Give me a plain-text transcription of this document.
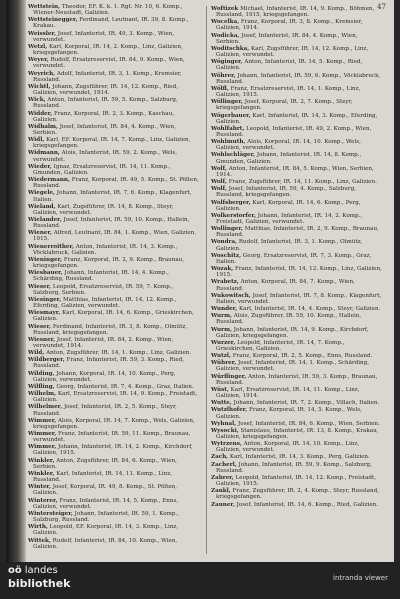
47
Wettstein, Theodor, EF. K. k. 1. Rgt. Nr. 10, 6. Komp., Wiener-Neustadt, Galizien.
Wettsteinegger, Ferdinand, Leutnant, IR. 39, 8. Komp., Krakau.
Weissler, Josef, Infanterist, IR. 49, 3. Komp., Wien, verwundet.
Wetzl, Karl, Korporal, IR. 14, 2. Komp., Linz, Galizien, kriegsgefangen.
Weyer, Rudolf, Ersatzreservist, IR. 84, 9. Komp., Wien, verwundet.
Weyrich, Adolf, Infanterist, IR. 3, 1. Komp., Kremsier, Russland.
Wichtl, Johann, Zugsführer, IR. 14, 12. Komp., Ried, Galizien, verwundet, 1914.
Wick, Anton, Infanterist, IR. 59, 5. Komp., Salzburg, Russland.
Widder, Franz, Korporal, IR. 2, 3. Komp., Kaschau, Galizien.
Widhalm, Josef, Infanterist, IR. 84, 4. Komp., Wien, Serbien.
Widl, Karl, EF. Korporal, IR. 14, 7. Komp., Linz, Galizien, kriegsgefangen.
Widmann, Alois, Infanterist, IR. 59, 2. Komp., Wels, verwundet.
Wieder, Ignaz, Ersatzreservist, IR. 14, 11. Komp., Gmunden, Galizien.
Wiedermann, Franz, Korporal, IR. 49, 5. Komp., St. Pölten, Russland.
Wiegele, Johann, Infanterist, IR. 7, 6. Komp., Klagenfurt, Italien.
Wieland, Karl, Zugsführer, IR. 14, 8. Komp., Steyr, Galizien, verwundet.
Wielander, Josef, Infanterist, IR. 59, 10. Komp., Hallein, Russland.
Wiener, Alfred, Leutnant, IR. 84, 1. Komp., Wien, Galizien, 1915.
Wienerroither, Anton, Infanterist, IR. 14, 3. Komp., Vöcklabruck, Galizien.
Wieninger, Franz, Korporal, IR. 2, 9. Komp., Braunau, kriegsgefangen.
Wiesbauer, Johann, Infanterist, IR. 14, 4. Komp., Schärding, Russland.
Wieser, Leopold, Ersatzreservist, IR. 59, 7. Komp., Salzburg, Serbien.
Wiesinger, Matthias, Infanterist, IR. 14, 12. Komp., Eferding, Galizien, verwundet.
Wiesmayr, Karl, Korporal, IR. 14, 6. Komp., Grieskirchen, Galizien.
Wieser, Ferdinand, Infanterist, IR. 3, 8. Komp., Olmütz, Russland, kriegsgefangen.
Wiesner, Josef, Infanterist, IR. 84, 2. Komp., Wien, verwundet, 1914.
Wild, Anton, Zugsführer, IR. 14, 1. Komp., Linz, Galizien.
Wildberger, Franz, Infanterist, IR. 59, 3. Komp., Ried, Russland.
Wilding, Johann, Korporal, IR. 14, 10. Komp., Perg, Galizien, verwundet.
Wilfling, Georg, Infanterist, IR. 7, 4. Komp., Graz, Italien.
Wilhelm, Karl, Ersatzreservist, IR. 14, 9. Komp., Freistadt, Galizien.
Wilhelmer, Josef, Infanterist, IR. 2, 5. Komp., Steyr, Russland.
Wimmer, Alois, Korporal, IR. 14, 7. Komp., Wels, Galizien, kriegsgefangen.
Wimmer, Franz, Infanterist, IR. 59, 11. Komp., Braunau, verwundet.
Wimmer, Johann, Infanterist, IR. 14, 2. Komp., Kirchdorf, Galizien, 1915.
Winkler, Anton, Zugsführer, IR. 84, 6. Komp., Wien, Serbien.
Winkler, Karl, Infanterist, IR. 14, 11. Komp., Linz, Russland.
Winter, Josef, Korporal, IR. 49, 8. Komp., St. Pölten, Galizien.
Winterer, Franz, Infanterist, IR. 14, 5. Komp., Enns, Galizien, verwundet.
Wintersteiger, Johann, Infanterist, IR. 59, 1. Komp., Salzburg, Russland.
Wirth, Leopold, EF. Korporal, IR. 14, 3. Komp., Linz, Galizien.
Wittek, Rudolf, Infanterist, IR. 84, 10. Komp., Wien, Galizien.
Woftizek Michael, Infanterist, IR. 14, 9. Komp., Böhmen, Russland, 1915, kriegsgefangen.
Wocelka, Franz, Korporal, IR. 3, 8. Komp., Kremsier, Galizien, 1914.
Wodicka, Josef, Infanterist, IR. 84, 4. Komp., Wien, Serbien.
Woditschka, Karl, Zugsführer, IR. 14, 12. Komp., Linz, Galizien, verwundet.
Wöginger, Anton, Infanterist, IR. 14, 5. Komp., Ried, Galizien.
Wöhrer, Johann, Infanterist, IR. 59, 6. Komp., Vöcklabruck, Russland.
Wölfl, Franz, Ersatzreservist, IR. 14, 1. Komp., Linz, Galizien, 1915.
Wöllinger, Josef, Korporal, IR. 2, 7. Komp., Steyr, kriegsgefangen.
Wögerbauer, Karl, Infanterist, IR. 14, 3. Komp., Eferding, Galizien.
Wohlfahrt, Leopold, Infanterist, IR. 49, 2. Komp., Wien, Russland.
Wohlmuth, Alois, Korporal, IR. 14, 10. Komp., Wels, Galizien, verwundet.
Wohlschläger, Johann, Infanterist, IR. 14, 8. Komp., Gmunden, Galizien.
Wolf, Anton, Infanterist, IR. 84, 5. Komp., Wien, Serbien, 1914.
Wolf, Franz, Zugsführer, IR. 14, 11. Komp., Linz, Galizien.
Wolf, Josef, Infanterist, IR. 59, 4. Komp., Salzburg, Russland, kriegsgefangen.
Wolfsberger, Karl, Korporal, IR. 14, 6. Komp., Perg, Galizien.
Wolkerstorfer, Johann, Infanterist, IR. 14, 2. Komp., Freistadt, Galizien, verwundet.
Wollinger, Matthias, Infanterist, IR. 2, 9. Komp., Braunau, Russland.
Wondra, Rudolf, Infanterist, IR. 3, 1. Komp., Olmütz, Galizien.
Woschitz, Georg, Ersatzreservist, IR. 7, 3. Komp., Graz, Italien.
Wozak, Franz, Infanterist, IR. 14, 12. Komp., Linz, Galizien, 1915.
Wrabetz, Anton, Korporal, IR. 84, 7. Komp., Wien, Russland.
Wukowitsch, Josef, Infanterist, IR. 7, 8. Komp., Klagenfurt, Italien, verwundet.
Wunder, Karl, Infanterist, IR. 14, 4. Komp., Steyr, Galizien.
Wurm, Alois, Zugsführer, IR. 59, 10. Komp., Hallein, Russland.
Wurm, Johann, Infanterist, IR. 14, 9. Komp., Kirchdorf, Galizien, kriegsgefangen.
Wurzer, Leopold, Infanterist, IR. 14, 7. Komp., Grieskirchen, Galizien.
Wutzl, Franz, Korporal, IR. 2, 5. Komp., Enns, Russland.
Wührer, Josef, Infanterist, IR. 14, 1. Komp., Schärding, Galizien, verwundet.
Würflinger, Anton, Infanterist, IR. 59, 3. Komp., Braunau, Russland.
Wüst, Karl, Ersatzreservist, IR. 14, 11. Komp., Linz, Galizien, 1914.
Wutte, Johann, Infanterist, IR. 7, 2. Komp., Villach, Italien.
Wutzlhofer, Franz, Korporal, IR. 14, 5. Komp., Wels, Galizien.
Wyhnal, Josef, Infanterist, IR. 84, 6. Komp., Wien, Serbien.
Wysocki, Stanislaus, Infanterist, IR. 13, 8. Komp., Krakau, Galizien, kriegsgefangen.
Wytrzens, Anton, Korporal, IR. 14, 10. Komp., Linz, Galizien, verwundet.
Zach, Karl, Infanterist, IR. 14, 3. Komp., Perg, Galizien.
Zacherl, Johann, Infanterist, IR. 59, 9. Komp., Salzburg, Russland.
Zahrer, Leopold, Infanterist, IR. 14, 12. Komp., Freistadt, Galizien, 1915.
Zankl, Franz, Zugsführer, IR. 2, 4. Komp., Steyr, Russland, kriegsgefangen.
Zauner, Josef, Infanterist, IR. 14, 6. Komp., Ried, Galizien.
oö landes
bibliothek	intranda viewer
